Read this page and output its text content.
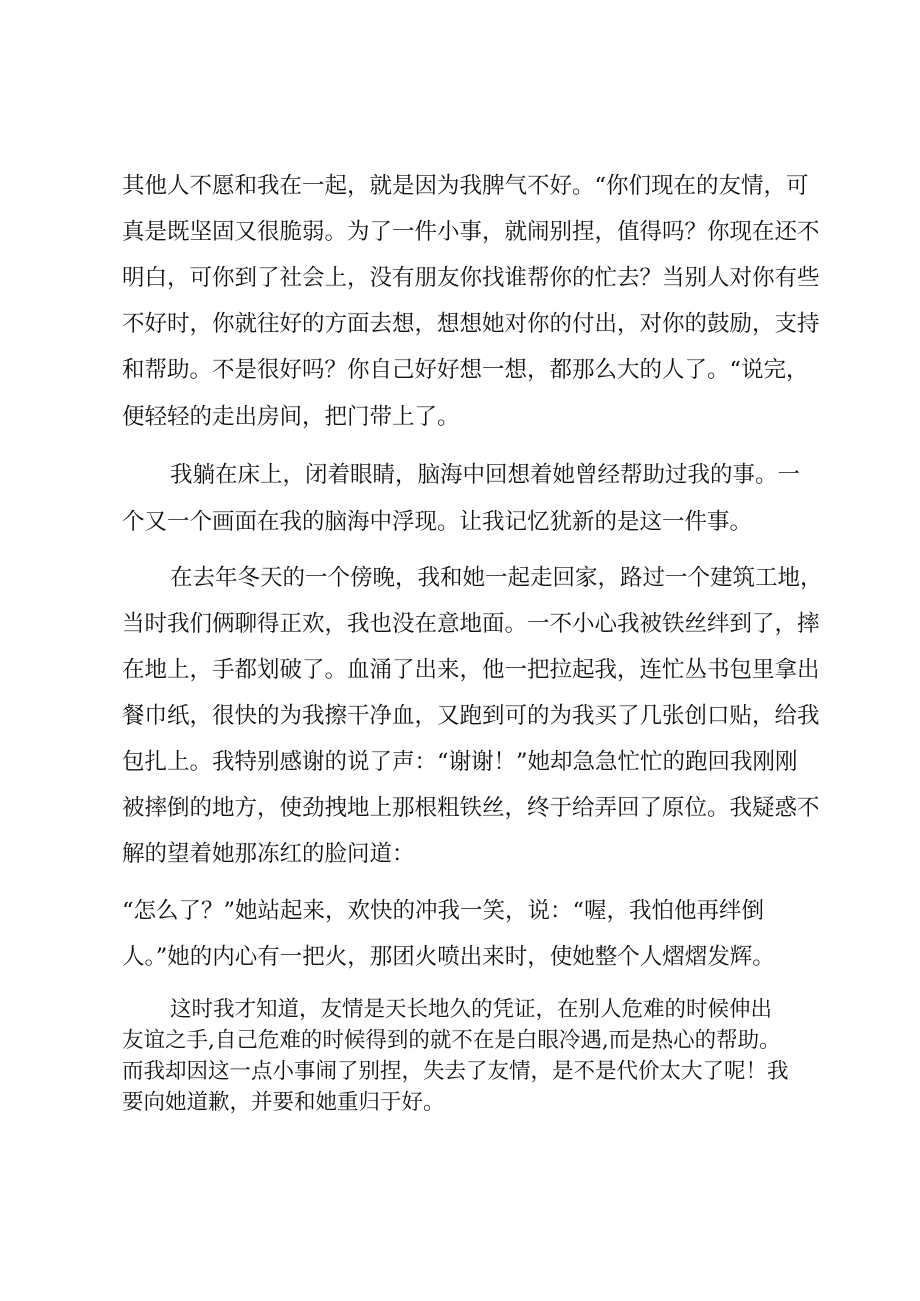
其他人不愿和我在一起，就是因为我脾气不好。“你们现在的友情，可
真是既坚固又很脆弱。为了一件小事，就闹别捏，值得吗？你现在还不
明白，可你到了社会上，没有朋友你找谁帮你的忙去？当别人对你有些
不好时，你就往好的方面去想，想想她对你的付出，对你的鼓励，支持
和帮助。不是很好吗？你自己好好想一想，都那么大的人了。“说完，
便轻轻的走出房间，把门带上了。
我躺在床上，闭着眼睛，脑海中回想着她曾经帮助过我的事。一
个又一个画面在我的脑海中浮现。让我记忆犹新的是这一件事。
在去年冬天的一个傍晚，我和她一起走回家，路过一个建筑工地，
当时我们俩聊得正欢，我也没在意地面。一不小心我被铁丝绊到了，摔
在地上，手都划破了。血涌了出来，他一把拉起我，连忙丛书包里拿出
餐巾纸，很快的为我擦干净血，又跑到可的为我买了几张创口贴，给我
包扎上。我特别感谢的说了声：“谢谢！”她却急急忙忙的跑回我刚刚
被摔倒的地方，使劲拽地上那根粗铁丝，终于给弄回了原位。我疑惑不
解的望着她那冻红的脸问道：
“怎么了？”她站起来，欢快的冲我一笑，说：“喔，我怕他再绊倒
人。”她的内心有一把火，那团火喷出来时，使她整个人熠熠发辉。
这时我才知道，友情是天长地久的凭证，在别人危难的时候伸出
友谊之手,自己危难的时候得到的就不在是白眼冷遇,而是热心的帮助。
而我却因这一点小事闹了别捏，失去了友情，是不是代价太大了呢！我
要向她道歉，并要和她重归于好。
